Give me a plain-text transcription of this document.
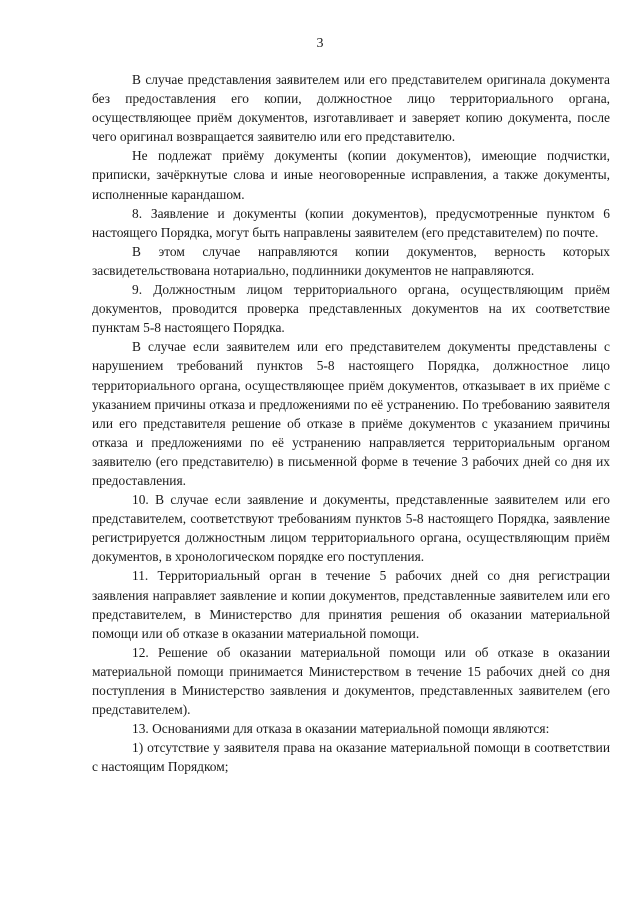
3

В случае представления заявителем или его представителем оригинала документа без предоставления его копии, должностное лицо территориального органа, осуществляющее приём документов, изготавливает и заверяет копию документа, после чего оригинал возвращается заявителю или его представителю.

Не подлежат приёму документы (копии документов), имеющие подчистки, приписки, зачёркнутые слова и иные неоговоренные исправления, а также документы, исполненные карандашом.

8. Заявление и документы (копии документов), предусмотренные пунктом 6 настоящего Порядка, могут быть направлены заявителем (его представителем) по почте.

В этом случае направляются копии документов, верность которых засвидетельствована нотариально, подлинники документов не направляются.

9. Должностным лицом территориального органа, осуществляющим приём документов, проводится проверка представленных документов на их соответствие пунктам 5-8 настоящего Порядка.

В случае если заявителем или его представителем документы представлены с нарушением требований пунктов 5-8 настоящего Порядка, должностное лицо территориального органа, осуществляющее приём документов, отказывает в их приёме с указанием причины отказа и предложениями по её устранению. По требованию заявителя или его представителя решение об отказе в приёме документов с указанием причины отказа и предложениями по её устранению направляется территориальным органом заявителю (его представителю) в письменной форме в течение 3 рабочих дней со дня их предоставления.

10. В случае если заявление и документы, представленные заявителем или его представителем, соответствуют требованиям пунктов 5-8 настоящего Порядка, заявление регистрируется должностным лицом территориального органа, осуществляющим приём документов, в хронологическом порядке его поступления.

11. Территориальный орган в течение 5 рабочих дней со дня регистрации заявления направляет заявление и копии документов, представленные заявителем или его представителем, в Министерство для принятия решения об оказании материальной помощи или об отказе в оказании материальной помощи.

12. Решение об оказании материальной помощи или об отказе в оказании материальной помощи принимается Министерством в течение 15 рабочих дней со дня поступления в Министерство заявления и документов, представленных заявителем (его представителем).

13. Основаниями для отказа в оказании материальной помощи являются:

1) отсутствие у заявителя права на оказание материальной помощи в соответствии с настоящим Порядком;
